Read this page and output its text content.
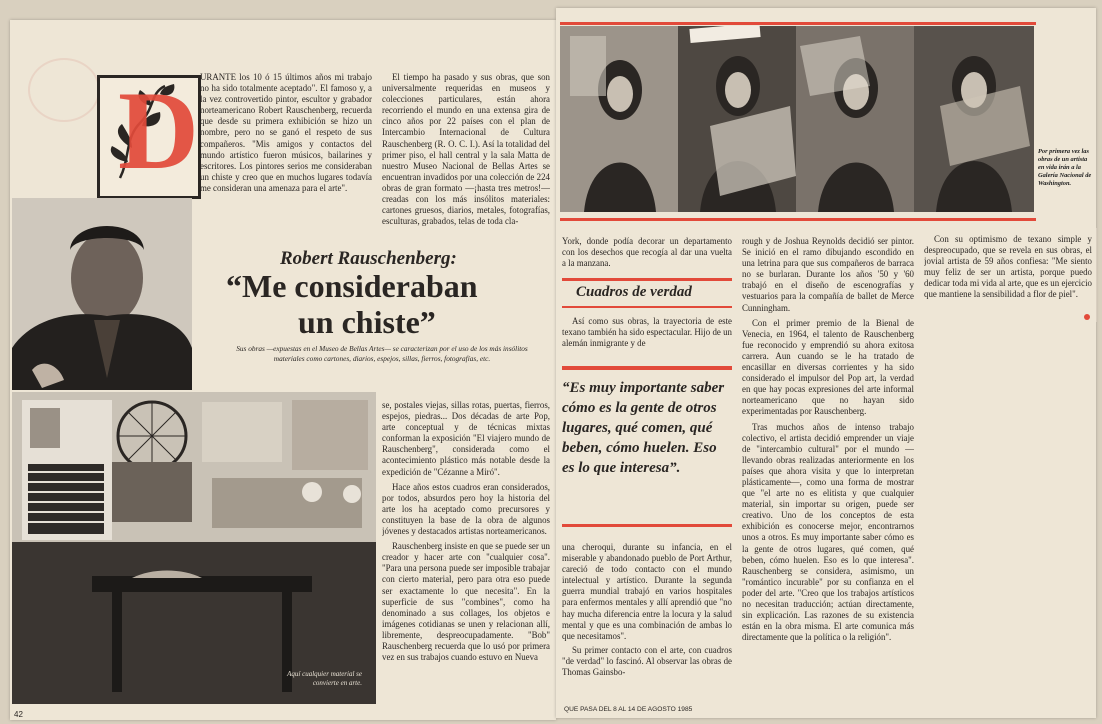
D URANTE los 10 ó 15 últimos años mi trabajo no ha sido totalmente aceptado". El famoso y, a la vez controvertido pintor, escultor y grabador norteamericano Robert Rauschenberg, recuerda que desde su primera exhibición se hizo un nombre, pero no se ganó el respeto de sus compañeros. "Mis amigos y contactos del mundo artístico fueron músicos, bailarines y escritores. Los pintores serios me consideraban un chiste y creo que en muchos lugares todavía me consideran una amenaza para el arte".

El tiempo ha pasado y sus obras, que son universalmente requeridas en museos y colecciones particulares, están ahora recorriendo el mundo en una extensa gira de cinco años por 22 países con el plan de Intercambio Internacional de Cultura Rauschenberg (R. O. C. I.). Así la totalidad del primer piso, el hall central y la sala Matta de nuestro Museo Nacional de Bellas Artes se encuentran invadidos por una colección de 224 obras de gran formato —¡hasta tres metros!— creadas con los más insólitos materiales: cartones gruesos, diarios, metales, fotografías, esculturas, grabados, telas de toda cla-

Robert Rauschenberg:
“Me consideraban
un chiste”
Sus obras —expuestas en el Museo de Bellas Artes— se caracterizan por el uso de los más insólitos materiales como cartones, diarios, espejos, sillas, fierros, fotografías, etc.
Aquí cualquier material se convierte en arte.

se, postales viejas, sillas rotas, puertas, fierros, espejos, piedras... Dos décadas de arte Pop, arte conceptual y de técnicas mixtas conforman la exposición "El viajero mundo de Rauschenberg", considerada como el acontecimiento plástico más notable desde la expedición de "Cézanne a Miró".

Hace años estos cuadros eran considerados, por todos, absurdos pero hoy la historia del arte los ha aceptado como precursores y constituyen la base de la obra de algunos jóvenes y destacados artistas norteamericanos.

Rauschenberg insiste en que se puede ser un creador y hacer arte con "cualquier cosa". "Para una persona puede ser imposible trabajar con cierto material, pero para otra eso puede ser exactamente lo que necesita". En la superficie de sus "combines", como ha denominado a sus collages, los objetos e imágenes cotidianas se unen y relacionan allí, libremente, despreocupadamente. "Bob" Rauschenberg recuerda que lo usó por primera vez en sus trabajos cuando estuvo en Nueva

42
Por primera vez las obras de un artista en vida irán a la Galería Nacional de Washington.

York, donde podía decorar un departamento con los desechos que recogía al dar una vuelta a la manzana.

Cuadros de verdad

Así como sus obras, la trayectoria de este texano también ha sido espectacular. Hijo de un alemán inmigrante y de

“Es muy importante saber cómo es la gente de otros lugares, qué comen, qué beben, cómo huelen. Eso es lo que interesa”.

una cheroqui, durante su infancia, en el miserable y abandonado pueblo de Port Arthur, careció de todo contacto con el mundo intelectual y artístico. Durante la segunda guerra mundial trabajó en varios hospitales para enfermos mentales y allí aprendió que "no hay mucha diferencia entre la locura y la salud mental y que es una combinación de ambas lo que necesitamos".

Su primer contacto con el arte, con cuadros "de verdad" lo fascinó. Al observar las obras de Thomas Gainsbo-

rough y de Joshua Reynolds decidió ser pintor. Se inició en el ramo dibujando escondido en una letrina para que sus compañeros de barraca no se burlaran. Durante los años '50 y '60 trabajó en el diseño de escenografías y vestuarios para la compañía de ballet de Merce Cunningham.

Con el primer premio de la Bienal de Venecia, en 1964, el talento de Rauschenberg fue reconocido y emprendió su ahora exitosa carrera. Aun cuando se le ha tratado de encasillar en diversas corrientes y ha sido considerado el impulsor del Pop art, la verdad en que hay pocas expresiones del arte informal norteamericano que no hayan sido experimentadas por Rauschenberg.

Tras muchos años de intenso trabajo colectivo, el artista decidió emprender un viaje de "intercambio cultural" por el mundo —llevando obras realizadas anteriormente en los países que ahora visita y que lo interpretan plásticamente—, como una forma de mostrar que "el arte no es elitista y que cualquier material, sin importar su origen, puede ser creativo. Uno de los conceptos de esta exhibición es conocerse mejor, encontrarnos unos a otros. Es muy importante saber cómo es la gente de otros lugares, qué comen, qué beben, cómo huelen. Eso es lo que interesa". Rauschenberg se considera, asimismo, un "romántico incurable" por su confianza en el poder del arte. "Creo que los trabajos artísticos no necesitan traducción; actúan directamente, sin explicación. Las razones de su existencia están en la obra misma. El arte comunica más directamente que la política o la religión".

Con su optimismo de texano simple y despreocupado, que se revela en sus obras, el jovial artista de 59 años confiesa: "Me siento muy feliz de ser un artista, porque puedo dedicar toda mi vida al arte, que es un ejercicio que mantiene la sensibilidad a flor de piel".

QUE PASA DEL 8 AL 14 DE AGOSTO 1985
